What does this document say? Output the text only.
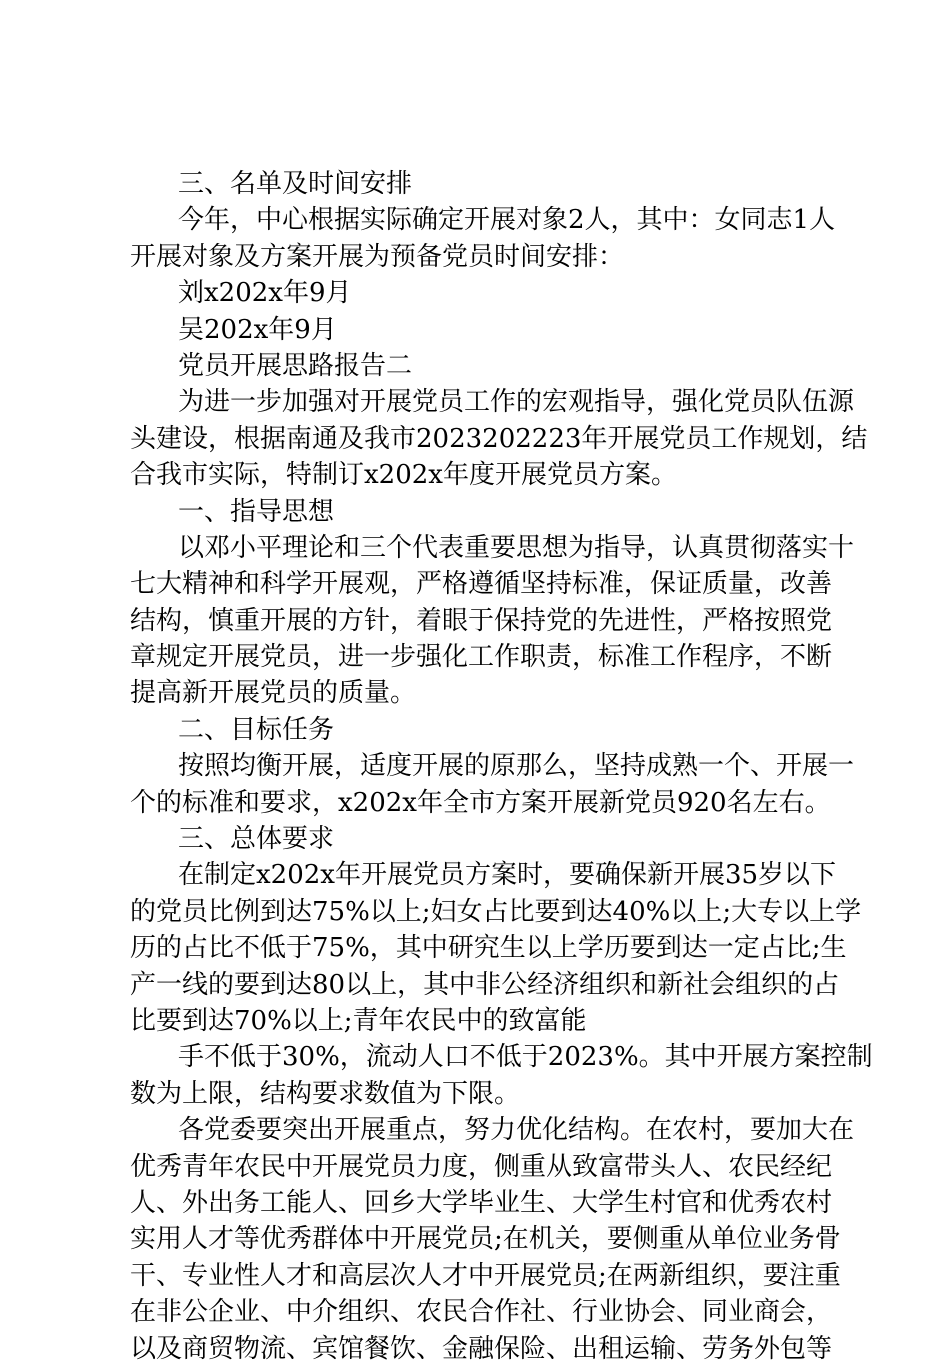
三、名单及时间安排
今年，中心根据实际确定开展对象2人，其中：女同志1人
开展对象及方案开展为预备党员时间安排：
刘x202x年9月
吴202x年9月
党员开展思路报告二
为进一步加强对开展党员工作的宏观指导，强化党员队伍源
头建设，根据南通及我市2023202223年开展党员工作规划，结
合我市实际，特制订x202x年度开展党员方案。
一、指导思想
以邓小平理论和三个代表重要思想为指导，认真贯彻落实十
七大精神和科学开展观，严格遵循坚持标准，保证质量，改善
结构，慎重开展的方针，着眼于保持党的先进性，严格按照党
章规定开展党员，进一步强化工作职责，标准工作程序，不断
提高新开展党员的质量。
二、目标任务
按照均衡开展，适度开展的原那么，坚持成熟一个、开展一
个的标准和要求，x202x年全市方案开展新党员920名左右。
三、总体要求
在制定x202x年开展党员方案时，要确保新开展35岁以下
的党员比例到达75%以上;妇女占比要到达40%以上;大专以上学
历的占比不低于75%，其中研究生以上学历要到达一定占比;生
产一线的要到达80以上，其中非公经济组织和新社会组织的占
比要到达70%以上;青年农民中的致富能
手不低于30%，流动人口不低于2023%。其中开展方案控制
数为上限，结构要求数值为下限。
各党委要突出开展重点，努力优化结构。在农村，要加大在
优秀青年农民中开展党员力度，侧重从致富带头人、农民经纪
人、外出务工能人、回乡大学毕业生、大学生村官和优秀农村
实用人才等优秀群体中开展党员;在机关，要侧重从单位业务骨
干、专业性人才和高层次人才中开展党员;在两新组织，要注重
在非公企业、中介组织、农民合作社、行业协会、同业商会，
以及商贸物流、宾馆餐饮、金融保险、出租运输、劳务外包等
